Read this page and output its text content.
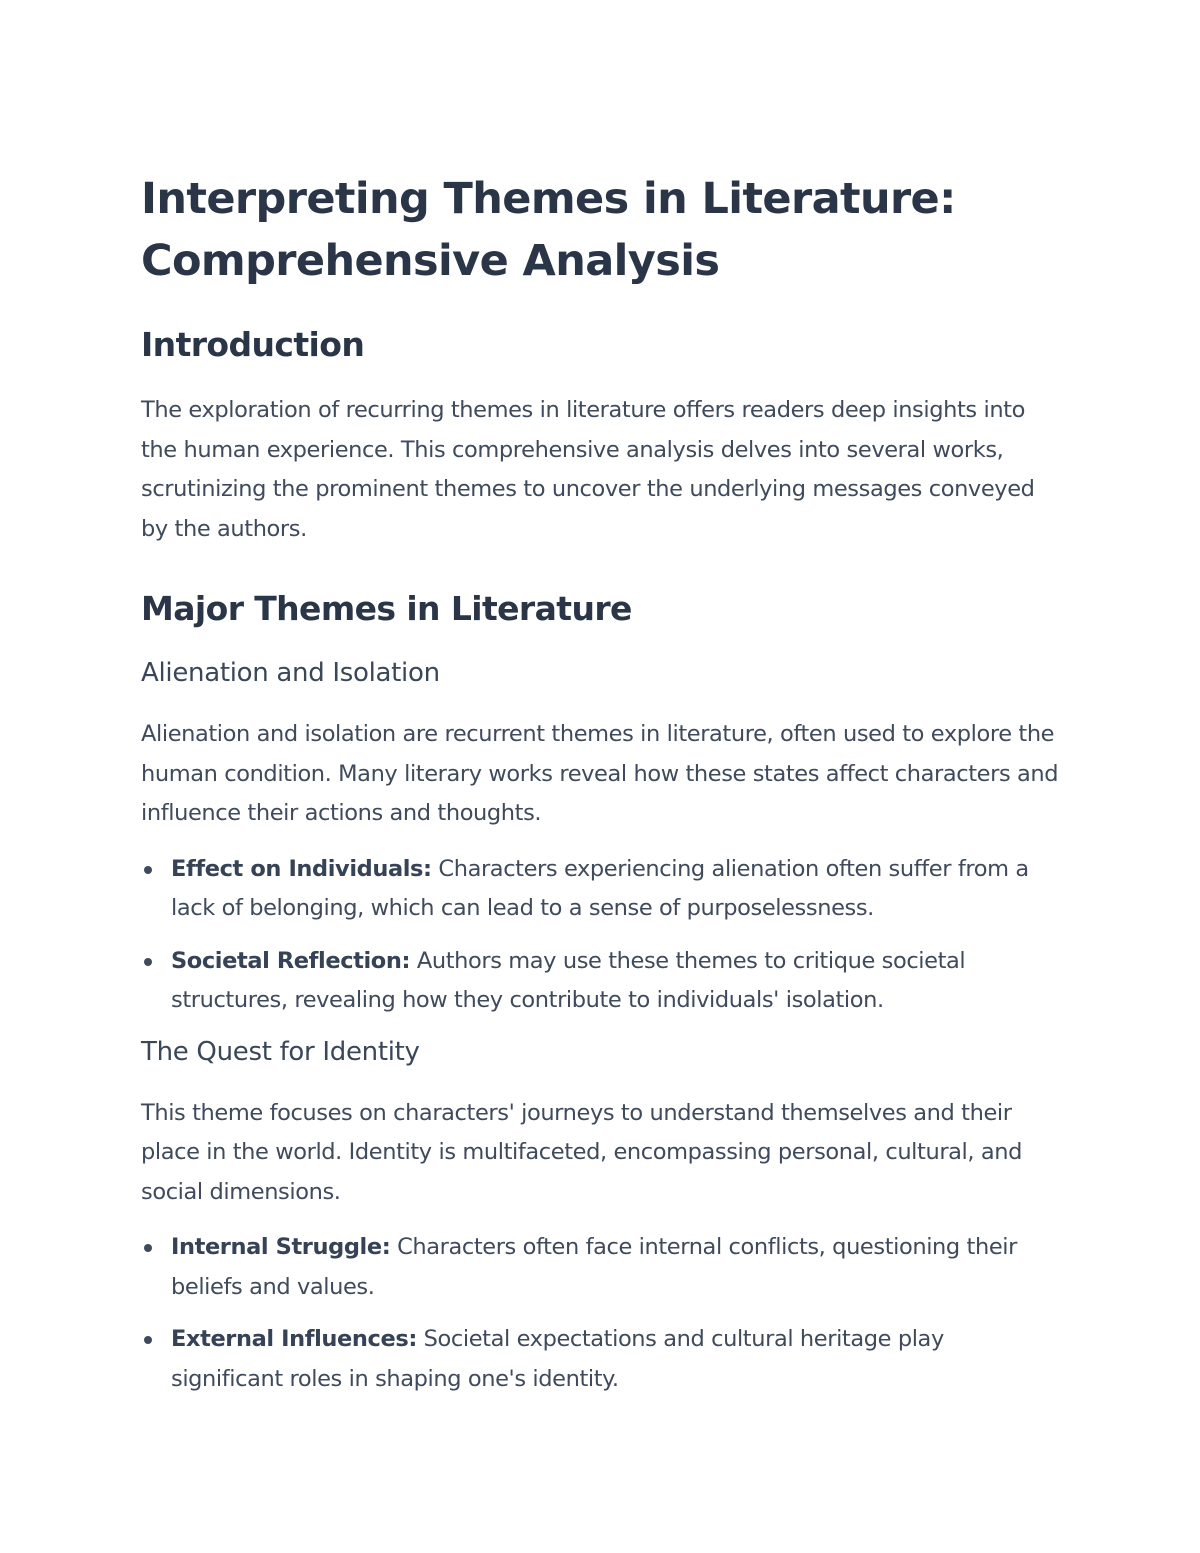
Interpreting Themes in Literature: Comprehensive Analysis
Introduction

The exploration of recurring themes in literature offers readers deep insights into the human experience. This comprehensive analysis delves into several works, scrutinizing the prominent themes to uncover the underlying messages conveyed by the authors.

Major Themes in Literature
Alienation and Isolation

Alienation and isolation are recurrent themes in literature, often used to explore the human condition. Many literary works reveal how these states affect characters and influence their actions and thoughts.

Effect on Individuals: Characters experiencing alienation often suffer from a lack of belonging, which can lead to a sense of purposelessness.
Societal Reflection: Authors may use these themes to critique societal structures, revealing how they contribute to individuals' isolation.
The Quest for Identity

This theme focuses on characters' journeys to understand themselves and their place in the world. Identity is multifaceted, encompassing personal, cultural, and social dimensions.

Internal Struggle: Characters often face internal conflicts, questioning their beliefs and values.
External Influences: Societal expectations and cultural heritage play significant roles in shaping one's identity.
